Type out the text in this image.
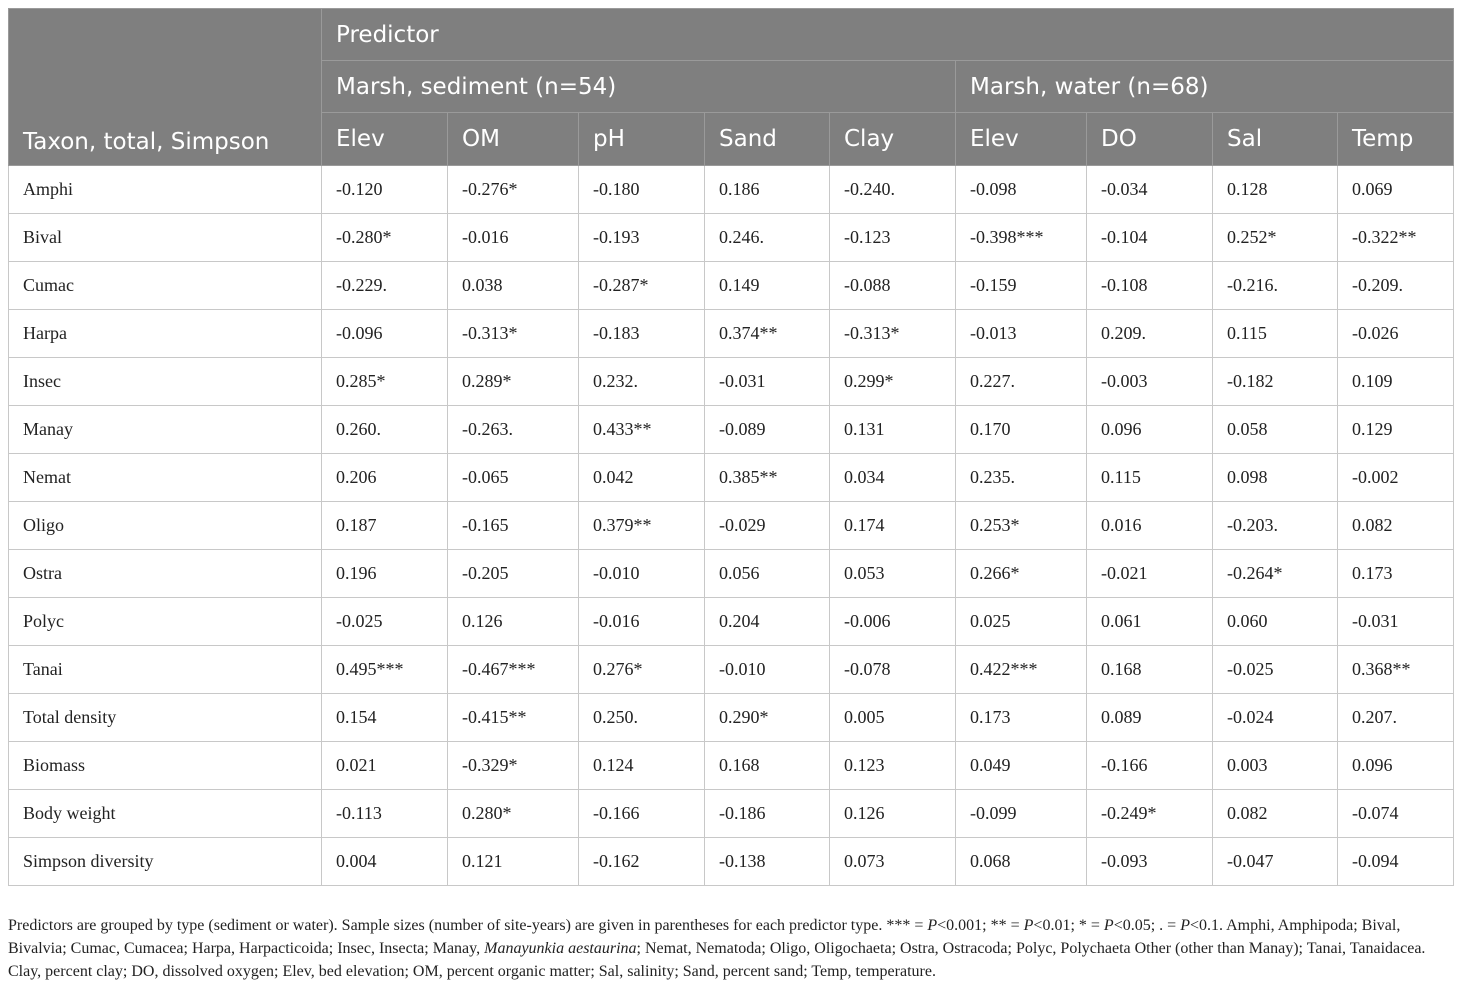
Taxon, total, Simpson	Predictor								
	Marsh, sediment (n=54)					Marsh, water (n=68)			
	Elev	OM	pH	Sand	Clay	Elev	DO	Sal	Temp
Amphi	-0.120	-0.276*	-0.180	0.186	-0.240.	-0.098	-0.034	0.128	0.069
Bival	-0.280*	-0.016	-0.193	0.246.	-0.123	-0.398***	-0.104	0.252*	-0.322**
Cumac	-0.229.	0.038	-0.287*	0.149	-0.088	-0.159	-0.108	-0.216.	-0.209.
Harpa	-0.096	-0.313*	-0.183	0.374**	-0.313*	-0.013	0.209.	0.115	-0.026
Insec	0.285*	0.289*	0.232.	-0.031	0.299*	0.227.	-0.003	-0.182	0.109
Manay	0.260.	-0.263.	0.433**	-0.089	0.131	0.170	0.096	0.058	0.129
Nemat	0.206	-0.065	0.042	0.385**	0.034	0.235.	0.115	0.098	-0.002
Oligo	0.187	-0.165	0.379**	-0.029	0.174	0.253*	0.016	-0.203.	0.082
Ostra	0.196	-0.205	-0.010	0.056	0.053	0.266*	-0.021	-0.264*	0.173
Polyc	-0.025	0.126	-0.016	0.204	-0.006	0.025	0.061	0.060	-0.031
Tanai	0.495***	-0.467***	0.276*	-0.010	-0.078	0.422***	0.168	-0.025	0.368**
Total density	0.154	-0.415**	0.250.	0.290*	0.005	0.173	0.089	-0.024	0.207.
Biomass	0.021	-0.329*	0.124	0.168	0.123	0.049	-0.166	0.003	0.096
Body weight	-0.113	0.280*	-0.166	-0.186	0.126	-0.099	-0.249*	0.082	-0.074
Simpson diversity	0.004	0.121	-0.162	-0.138	0.073	0.068	-0.093	-0.047	-0.094

Predictors are grouped by type (sediment or water). Sample sizes (number of site-years) are given in parentheses for each predictor type. *** = P<0.001; ** = P<0.01; * = P<0.05; . = P<0.1. Amphi, Amphipoda; Bival, Bivalvia; Cumac, Cumacea; Harpa, Harpacticoida; Insec, Insecta; Manay, Manayunkia aestaurina; Nemat, Nematoda; Oligo, Oligochaeta; Ostra, Ostracoda; Polyc, Polychaeta Other (other than Manay); Tanai, Tanaidacea. Clay, percent clay; DO, dissolved oxygen; Elev, bed elevation; OM, percent organic matter; Sal, salinity; Sand, percent sand; Temp, temperature.
